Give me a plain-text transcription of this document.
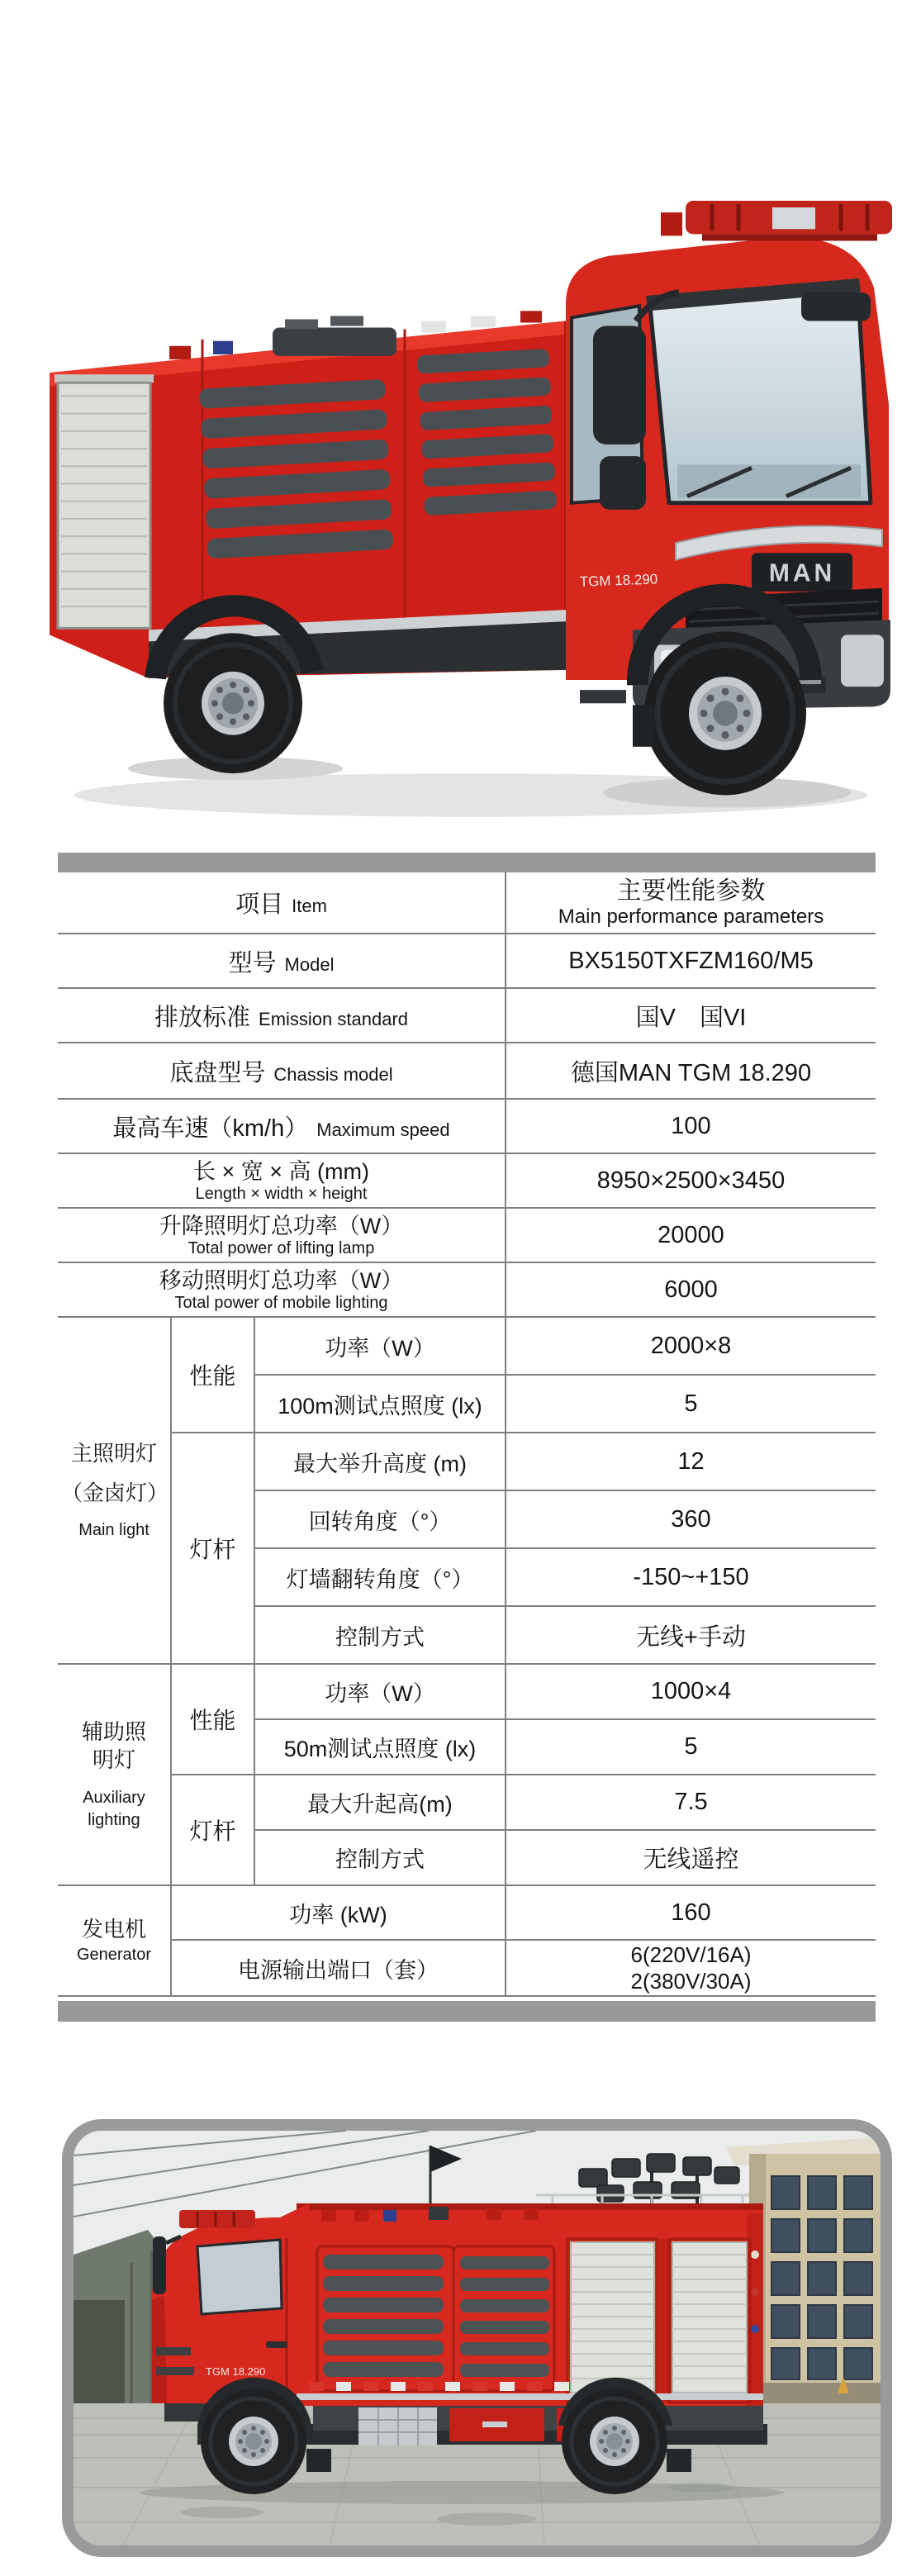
TGM 18.290	MAN
项目 Item			主要性能参数
Main performance parameters

型号 Model			BX5150TXFZM160/M5
排放标准 Emission standard			国V　国VI
底盘型号 Chassis model			德国MAN TGM 18.290
最高车速（km/h） Maximum speed			100

长 × 宽 × 高 (mm)
Length × width × height			8950×2500×3450

升降照明灯总功率（W）
Total power of lifting lamp			20000

移动照明灯总功率（W）
Total power of mobile lighting			6000

主照明灯
（金卤灯）
Main light	性能	功率（W）	2000×8
		100m测试点照度 (lx)	5
	灯杆	最大举升高度 (m)	12
		回转角度（°）	360
		灯墙翻转角度（°）	-150~+150
		控制方式	无线+手动

辅助照
明灯
Auxiliary
lighting	性能	功率（W）	1000×4
		50m测试点照度 (lx)	5
	灯杆	最大升起高(m)	7.5
		控制方式	无线遥控

发电机
Generator	功率 (kW)		160
	电源输出端口（套）		6(220V/16A)
2(380V/30A)
TGM 18.290
